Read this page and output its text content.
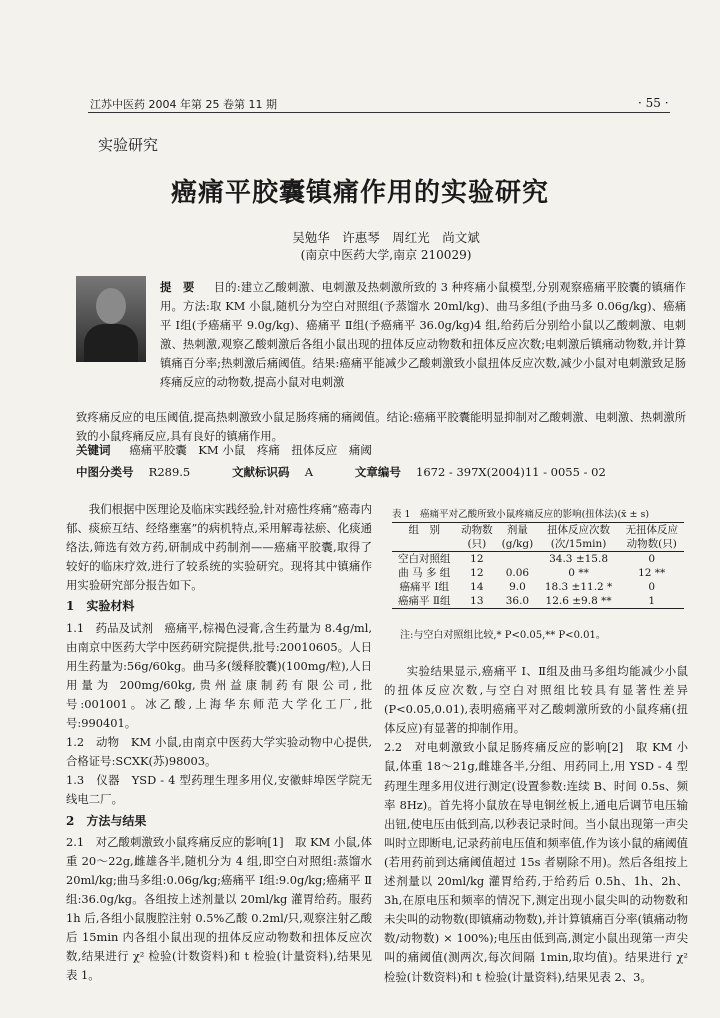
江苏中医药 2004 年第 25 卷第 11 期	· 55 ·
实验研究
癌痛平胶囊镇痛作用的实验研究
吴勉华　许惠琴　周红光　尚文斌
(南京中医药大学,南京 210029)
提　要 　 目的:建立乙酸刺激、电刺激及热刺激所致的 3 种疼痛小鼠模型,分别观察癌痛平胶囊的镇痛作用。方法:取 KM 小鼠,随机分为空白对照组(予蒸馏水 20ml/kg)、曲马多组(予曲马多 0.06g/kg)、癌痛平 Ⅰ组(予癌痛平 9.0g/kg)、癌痛平 Ⅱ组(予癌痛平 36.0g/kg)4 组,给药后分别给小鼠以乙酸刺激、电刺激、热刺激,观察乙酸刺激后各组小鼠出现的扭体反应动物数和扭体反应次数;电刺激后镇痛动物数,并计算镇痛百分率;热刺激后痛阈值。结果:癌痛平能减少乙酸刺激致小鼠扭体反应次数,减少小鼠对电刺激致足肠疼痛反应的动物数,提高小鼠对电刺激
致疼痛反应的电压阈值,提高热刺激致小鼠足肠疼痛的痛阈值。结论:癌痛平胶囊能明显抑制对乙酸刺激、电刺激、热刺激所致的小鼠疼痛反应,具有良好的镇痛作用。
关键词 　 癌痛平胶囊　KM 小鼠　疼痛　扭体反应　痛阈
中图分类号 　 R289.5 　　　	文献标识码 　 A 　　　	文章编号 　 1672 - 397X(2004)11 - 0055 - 02

我们根据中医理论及临床实践经验,针对癌性疼痛“癌毒内郁、痰瘀互结、经络壅塞”的病机特点,采用解毒祛瘀、化痰通络法,筛选有效方药,研制成中药制剂——癌痛平胶囊,取得了较好的临床疗效,进行了较系统的实验研究。现将其中镇痛作用实验研究部分报告如下。

1　实验材料

1.1　药品及试剂　癌痛平,棕褐色浸膏,含生药量为 8.4g/ml,由南京中医药大学中医药研究院提供,批号:20010605。人日用生药量为:56g/60kg。曲马多(缓释胶囊)(100mg/粒),人日用量为 200mg/60kg,贵州益康制药有限公司,批号:001001。冰乙酸,上海华东师范大学化工厂,批号:990401。

1.2　动物　KM 小鼠,由南京中医药大学实验动物中心提供,合格证号:SCXK(苏)98003。

1.3　仪器　YSD - 4 型药理生理多用仪,安徽蚌埠医学院无线电二厂。

2　方法与结果

2.1　对乙酸刺激致小鼠疼痛反应的影响[1]　取 KM 小鼠,体重 20～22g,雌雄各半,随机分为 4 组,即空白对照组:蒸馏水 20ml/kg;曲马多组:0.06g/kg;癌痛平 Ⅰ组:9.0g/kg;癌痛平 Ⅱ组:36.0g/kg。各组按上述剂量以 20ml/kg 灌胃给药。服药 1h 后,各组小鼠腹腔注射 0.5%乙酸 0.2ml/只,观察注射乙酸后 15min 内各组小鼠出现的扭体反应动物数和扭体反应次数,结果进行 χ² 检验(计数资料)和 t 检验(计量资料),结果见表 1。

表 1　癌痛平对乙酸所致小鼠疼痛反应的影响(扭体法)(x̄ ± s)
组　别	动物数	剂量	扭体反应次数	无扭体反应
	(只)	(g/kg)	(次/15min)	动物数(只)
空白对照组	12		34.3 ±15.8	0
曲 马 多 组	12	0.06	0 **	12 **
癌痛平 Ⅰ组	14	9.0	18.3 ±11.2 *	0
癌痛平 Ⅱ组	13	36.0	12.6 ±9.8 **	1
注:与空白对照组比较,* P<0.05,** P<0.01。

实验结果显示,癌痛平 Ⅰ、Ⅱ组及曲马多组均能减少小鼠的扭体反应次数,与空白对照组比较具有显著性差异(P<0.05,0.01),表明癌痛平对乙酸刺激所致的小鼠疼痛(扭体反应)有显著的抑制作用。

2.2　对电刺激致小鼠足肠疼痛反应的影响[2]　取 KM 小鼠,体重 18～21g,雌雄各半,分组、用药同上,用 YSD - 4 型药理生理多用仪进行测定(设置参数:连续 B、时间 0.5s、频率 8Hz)。首先将小鼠放在导电铜丝板上,通电后调节电压输出钮,使电压由低到高,以秒表记录时间。当小鼠出现第一声尖叫时立即断电,记录药前电压值和频率值,作为该小鼠的痛阈值(若用药前到达痛阈值超过 15s 者剔除不用)。然后各组按上述剂量以 20ml/kg 灌胃给药,于给药后 0.5h、1h、2h、3h,在原电压和频率的情况下,测定出现小鼠尖叫的动物数和未尖叫的动物数(即镇痛动物数),并计算镇痛百分率(镇痛动物数/动物数) × 100%);电压由低到高,测定小鼠出现第一声尖叫的痛阈值(测两次,每次间隔 1min,取均值)。结果进行 χ² 检验(计数资料)和 t 检验(计量资料),结果见表 2、3。
